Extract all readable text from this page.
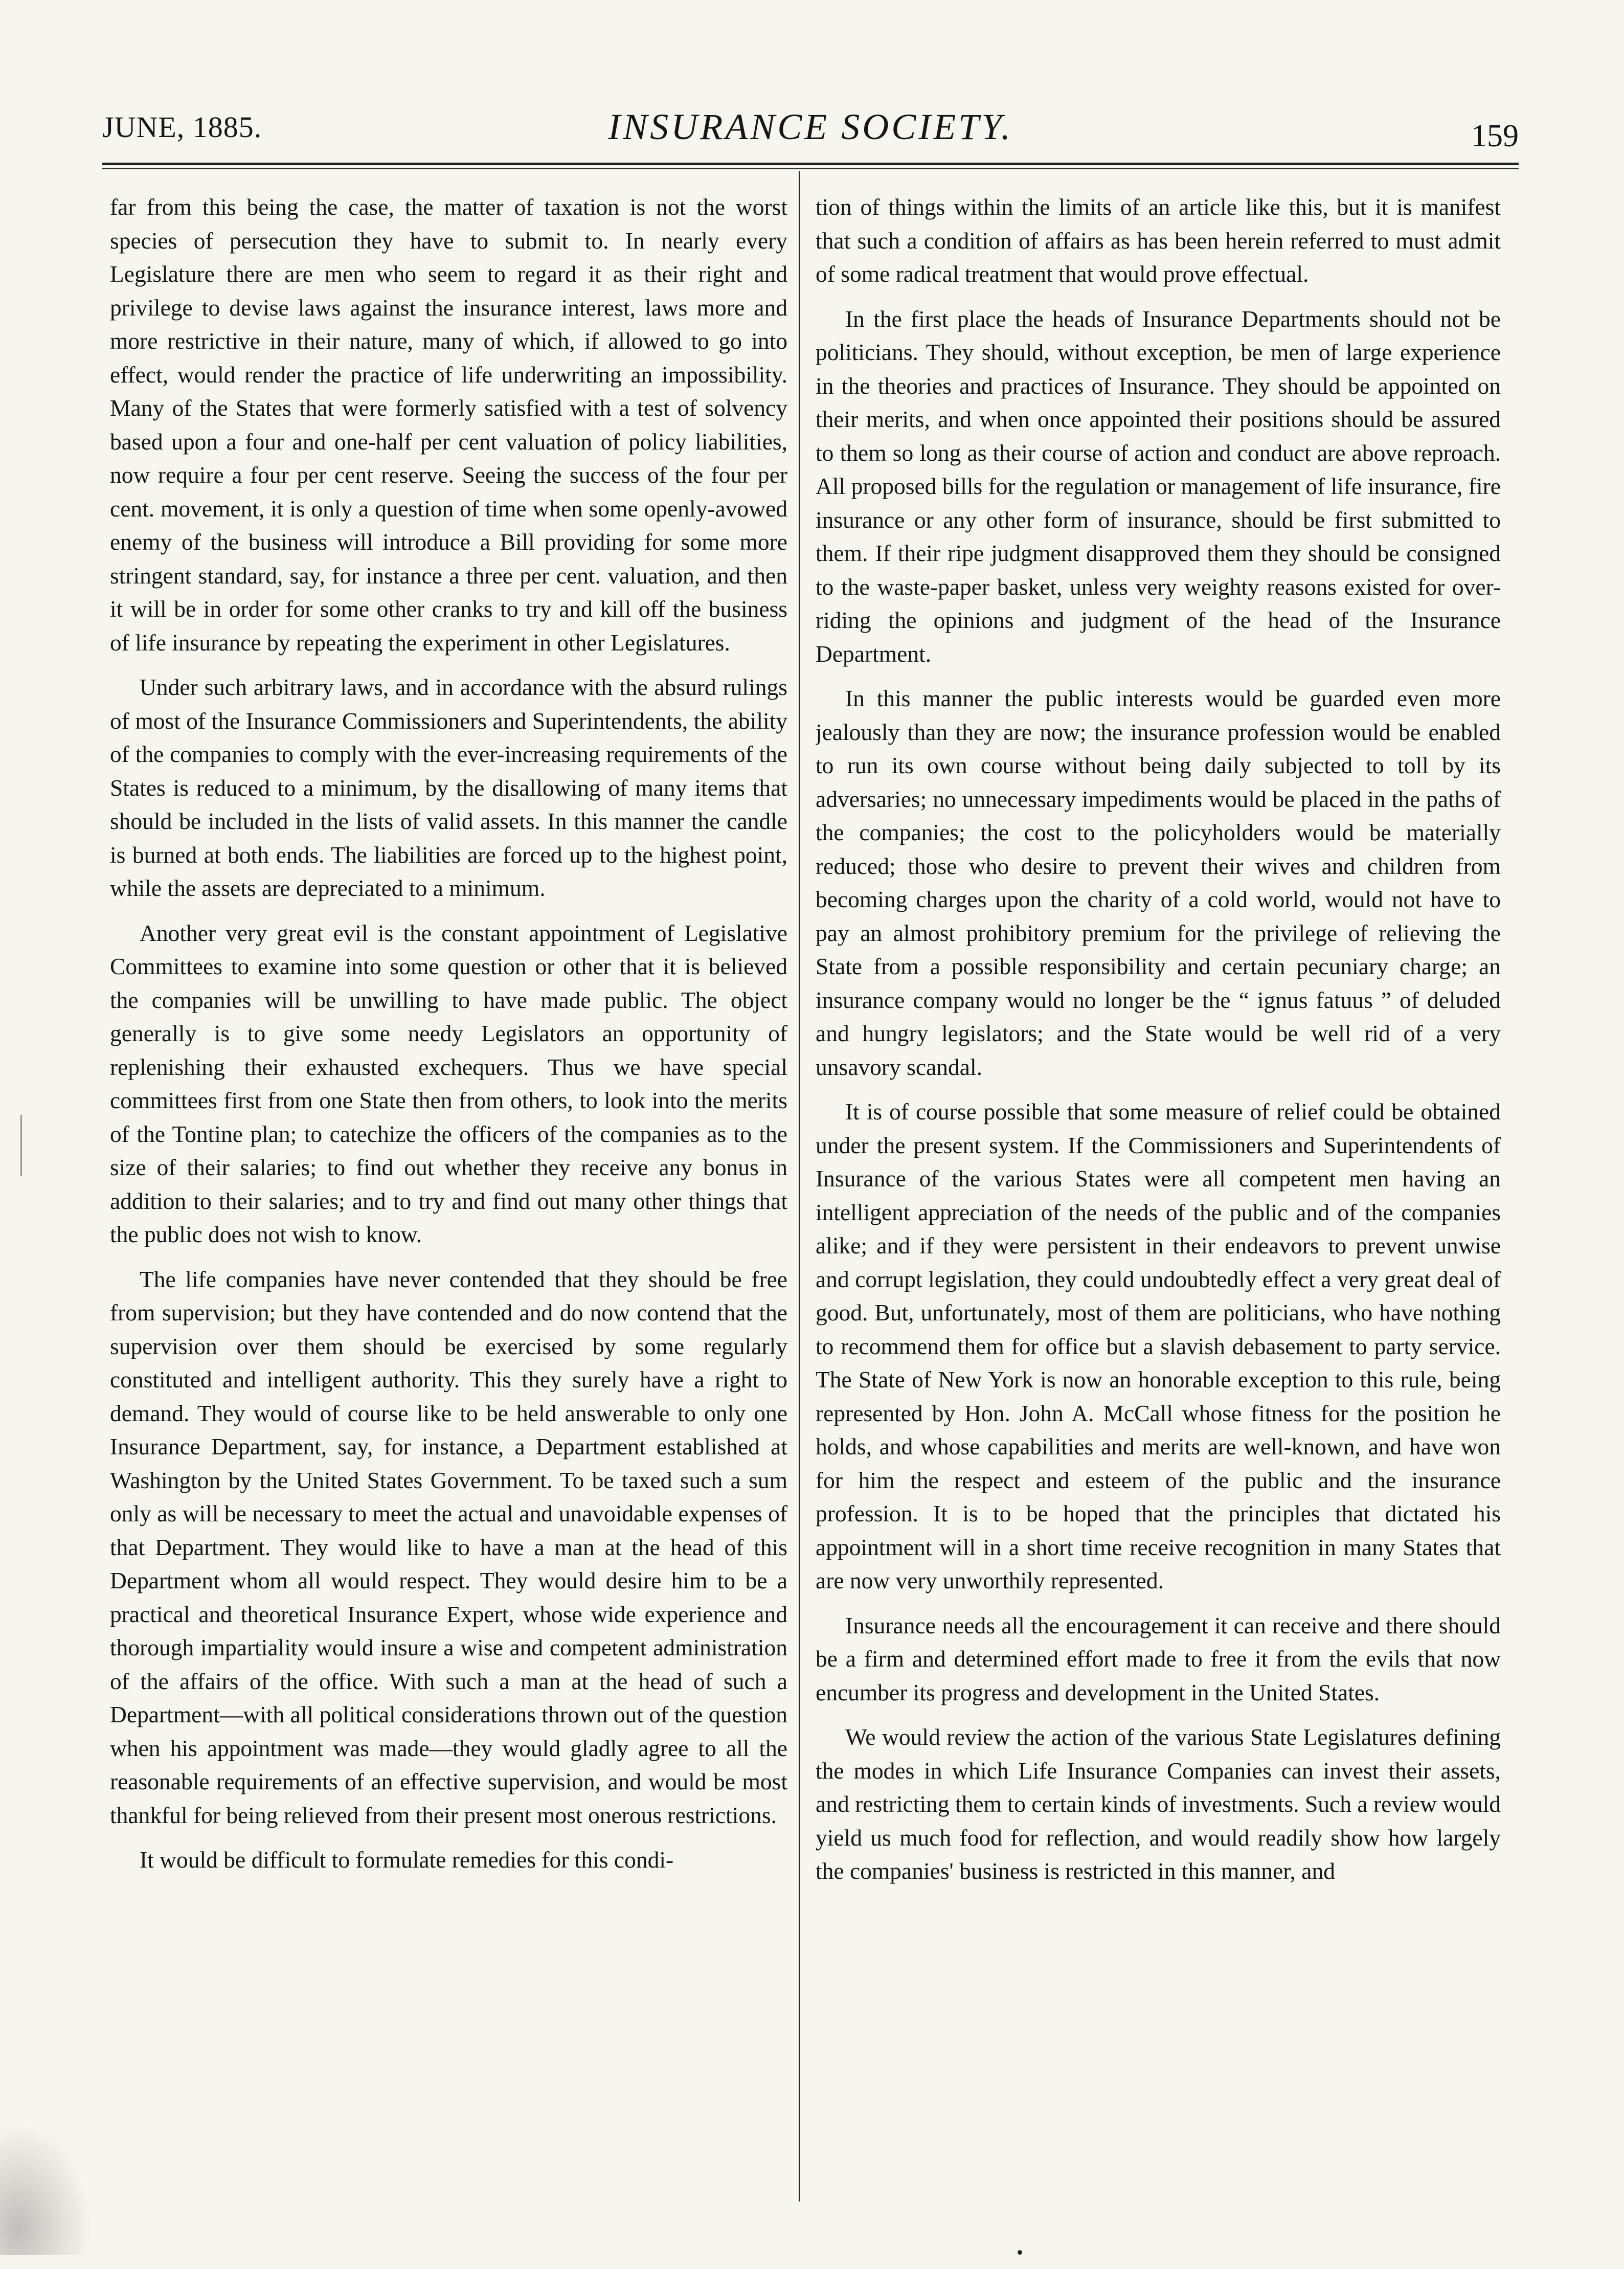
JUNE, 1885.	INSURANCE SOCIETY.	159

far from this being the case, the matter of taxation is not the worst species of persecution they have to submit to. In nearly every Legislature there are men who seem to regard it as their right and privilege to devise laws against the insurance interest, laws more and more restrictive in their nature, many of which, if allowed to go into effect, would render the practice of life underwriting an impossibility. Many of the States that were formerly satisfied with a test of solvency based upon a four and one-half per cent valuation of policy liabilities, now require a four per cent reserve. Seeing the success of the four per cent. movement, it is only a question of time when some openly-avowed enemy of the business will introduce a Bill providing for some more stringent standard, say, for instance a three per cent. valuation, and then it will be in order for some other cranks to try and kill off the business of life insurance by repeating the experiment in other Legislatures.

Under such arbitrary laws, and in accordance with the absurd rulings of most of the Insurance Commissioners and Superintendents, the ability of the companies to comply with the ever-increasing requirements of the States is reduced to a minimum, by the disallowing of many items that should be included in the lists of valid assets. In this manner the candle is burned at both ends. The liabilities are forced up to the highest point, while the assets are depreciated to a minimum.

Another very great evil is the constant appointment of Legislative Committees to examine into some question or other that it is believed the companies will be unwilling to have made public. The object generally is to give some needy Legislators an opportunity of replenishing their exhausted exchequers. Thus we have special committees first from one State then from others, to look into the merits of the Tontine plan; to catechize the officers of the companies as to the size of their salaries; to find out whether they receive any bonus in addition to their salaries; and to try and find out many other things that the public does not wish to know.

The life companies have never contended that they should be free from supervision; but they have contended and do now contend that the supervision over them should be exercised by some regularly constituted and intelligent authority. This they surely have a right to demand. They would of course like to be held answerable to only one Insurance Department, say, for instance, a Department established at Washington by the United States Government. To be taxed such a sum only as will be necessary to meet the actual and unavoidable expenses of that Department. They would like to have a man at the head of this Department whom all would respect. They would desire him to be a practical and theoretical Insurance Expert, whose wide experience and thorough impartiality would insure a wise and competent administration of the affairs of the office. With such a man at the head of such a Department—with all political considerations thrown out of the question when his appointment was made—they would gladly agree to all the reasonable requirements of an effective supervision, and would be most thankful for being relieved from their present most onerous restrictions.

It would be difficult to formulate remedies for this condi-

tion of things within the limits of an article like this, but it is manifest that such a condition of affairs as has been herein referred to must admit of some radical treatment that would prove effectual.

In the first place the heads of Insurance Departments should not be politicians. They should, without exception, be men of large experience in the theories and practices of Insurance. They should be appointed on their merits, and when once appointed their positions should be assured to them so long as their course of action and conduct are above reproach. All proposed bills for the regulation or management of life insurance, fire insurance or any other form of insurance, should be first submitted to them. If their ripe judgment disapproved them they should be consigned to the waste-paper basket, unless very weighty reasons existed for over-riding the opinions and judgment of the head of the Insurance Department.

In this manner the public interests would be guarded even more jealously than they are now; the insurance profession would be enabled to run its own course without being daily subjected to toll by its adversaries; no unnecessary impediments would be placed in the paths of the companies; the cost to the policyholders would be materially reduced; those who desire to prevent their wives and children from becoming charges upon the charity of a cold world, would not have to pay an almost prohibitory premium for the privilege of relieving the State from a possible responsibility and certain pecuniary charge; an insurance company would no longer be the “ ignus fatuus ” of deluded and hungry legislators; and the State would be well rid of a very unsavory scandal.

It is of course possible that some measure of relief could be obtained under the present system. If the Commissioners and Superintendents of Insurance of the various States were all competent men having an intelligent appreciation of the needs of the public and of the companies alike; and if they were persistent in their endeavors to prevent unwise and corrupt legislation, they could undoubtedly effect a very great deal of good. But, unfortunately, most of them are politicians, who have nothing to recommend them for office but a slavish debasement to party service. The State of New York is now an honorable exception to this rule, being represented by Hon. John A. McCall whose fitness for the position he holds, and whose capabilities and merits are well-known, and have won for him the respect and esteem of the public and the insurance profession. It is to be hoped that the principles that dictated his appointment will in a short time receive recognition in many States that are now very unworthily represented.

Insurance needs all the encouragement it can receive and there should be a firm and determined effort made to free it from the evils that now encumber its progress and development in the United States.

We would review the action of the various State Legislatures defining the modes in which Life Insurance Companies can invest their assets, and restricting them to certain kinds of investments. Such a review would yield us much food for reflection, and would readily show how largely the companies' business is restricted in this manner, and
